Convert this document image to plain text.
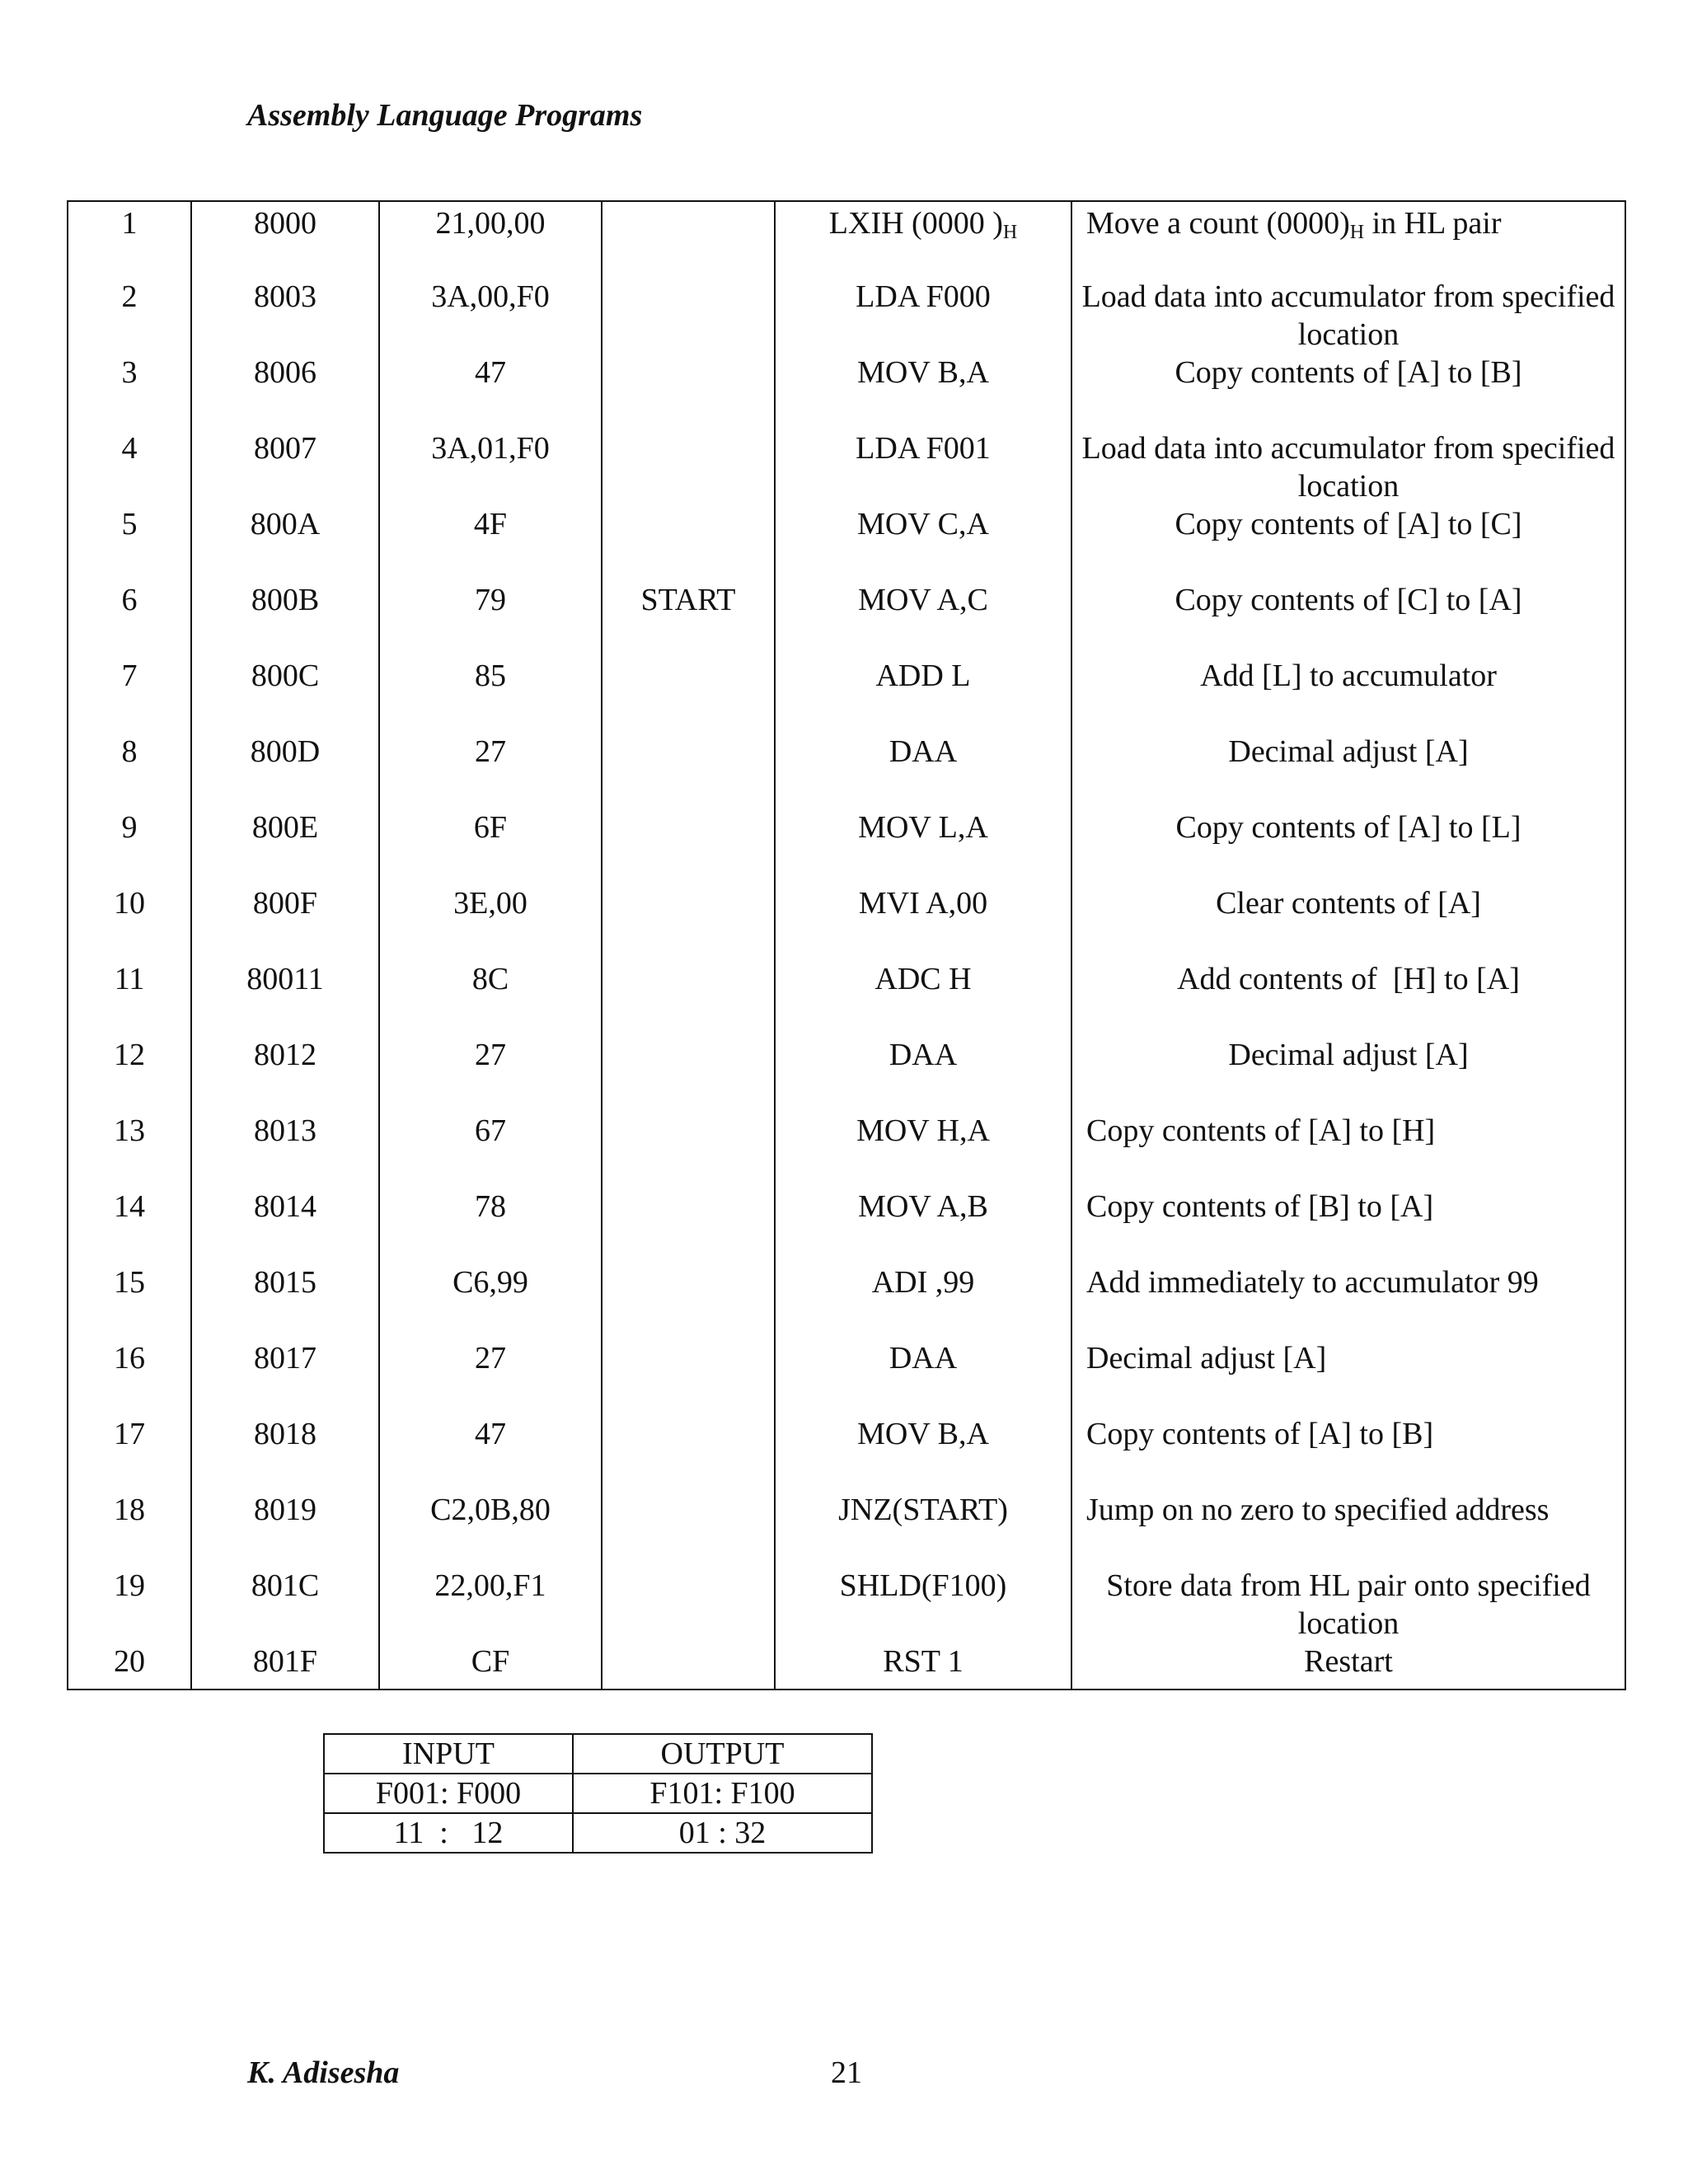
Assembly Language Programs
1	8000	21,00,00		LXIH (0000 )$_H$	Move a count $(0000)_H$ in HL pair
2	8003	3A,00,F0		LDA F000	Load data into accumulator from specified location
3	8006	47		MOV B,A	Copy contents of [A] to [B]
4	8007	3A,01,F0		LDA F001	Load data into accumulator from specified location
5	800A	4F		MOV C,A	Copy contents of [A] to [C]
6	800B	79	START	MOV A,C	Copy contents of [C] to [A]
7	800C	85		ADD L	Add [L] to accumulator
8	800D	27		DAA	Decimal adjust [A]
9	800E	6F		MOV L,A	Copy contents of [A] to [L]
10	800F	3E,00		MVI A,00	Clear contents of [A]
11	80011	8C		ADC H	Add contents of  [H] to [A]
12	8012	27		DAA	Decimal adjust [A]
13	8013	67		MOV H,A	Copy contents of [A] to [H]
14	8014	78		MOV A,B	Copy contents of [B] to [A]
15	8015	C6,99		ADI ,99	Add immediately to accumulator 99
16	8017	27		DAA	Decimal adjust [A]
17	8018	47		MOV B,A	Copy contents of [A] to [B]
18	8019	C2,0B,80		JNZ(START)	Jump on no zero to specified address
19	801C	22,00,F1		SHLD(F100)	Store data from HL pair onto specified location
20	801F	CF		RST 1	Restart
INPUT	OUTPUT
F001: F000	F101: F100
11  :   12	01 : 32
K. Adisesha	21
